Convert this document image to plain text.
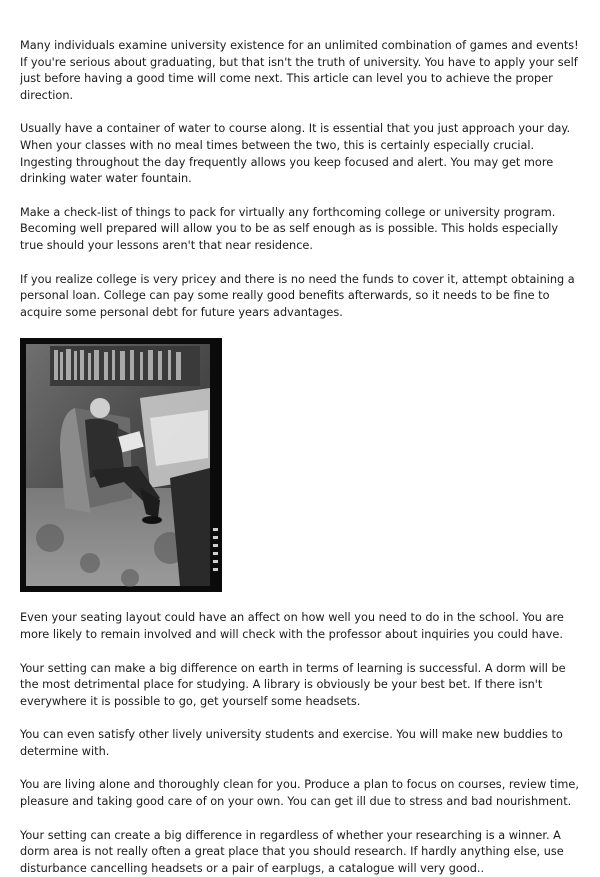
Many individuals examine university existence for an unlimited combination of games and events! If you're serious about graduating, but that isn't the truth of university. You have to apply your self just before having a good time will come next. This article can level you to achieve the proper direction.

Usually have a container of water to course along. It is essential that you just approach your day. When your classes with no meal times between the two, this is certainly especially crucial. Ingesting throughout the day frequently allows you keep focused and alert. You may get more drinking water water fountain.

Make a check-list of things to pack for virtually any forthcoming college or university program. Becoming well prepared will allow you to be as self enough as is possible. This holds especially true should your lessons aren't that near residence.

If you realize college is very pricey and there is no need the funds to cover it, attempt obtaining a personal loan. College can pay some really good benefits afterwards, so it needs to be fine to acquire some personal debt for future years advantages.

Even your seating layout could have an affect on how well you need to do in the school. You are more likely to remain involved and will check with the professor about inquiries you could have.

Your setting can make a big difference on earth in terms of learning is successful. A dorm will be the most detrimental place for studying. A library is obviously be your best bet. If there isn't everywhere it is possible to go, get yourself some headsets.

You can even satisfy other lively university students and exercise. You will make new buddies to determine with.

You are living alone and thoroughly clean for you. Produce a plan to focus on courses, review time, pleasure and taking good care of on your own. You can get ill due to stress and bad nourishment.

Your setting can create a big difference in regardless of whether your researching is a winner. A dorm area is not really often a great place that you should research. If hardly anything else, use disturbance cancelling headsets or a pair of earplugs, a catalogue will very good..
